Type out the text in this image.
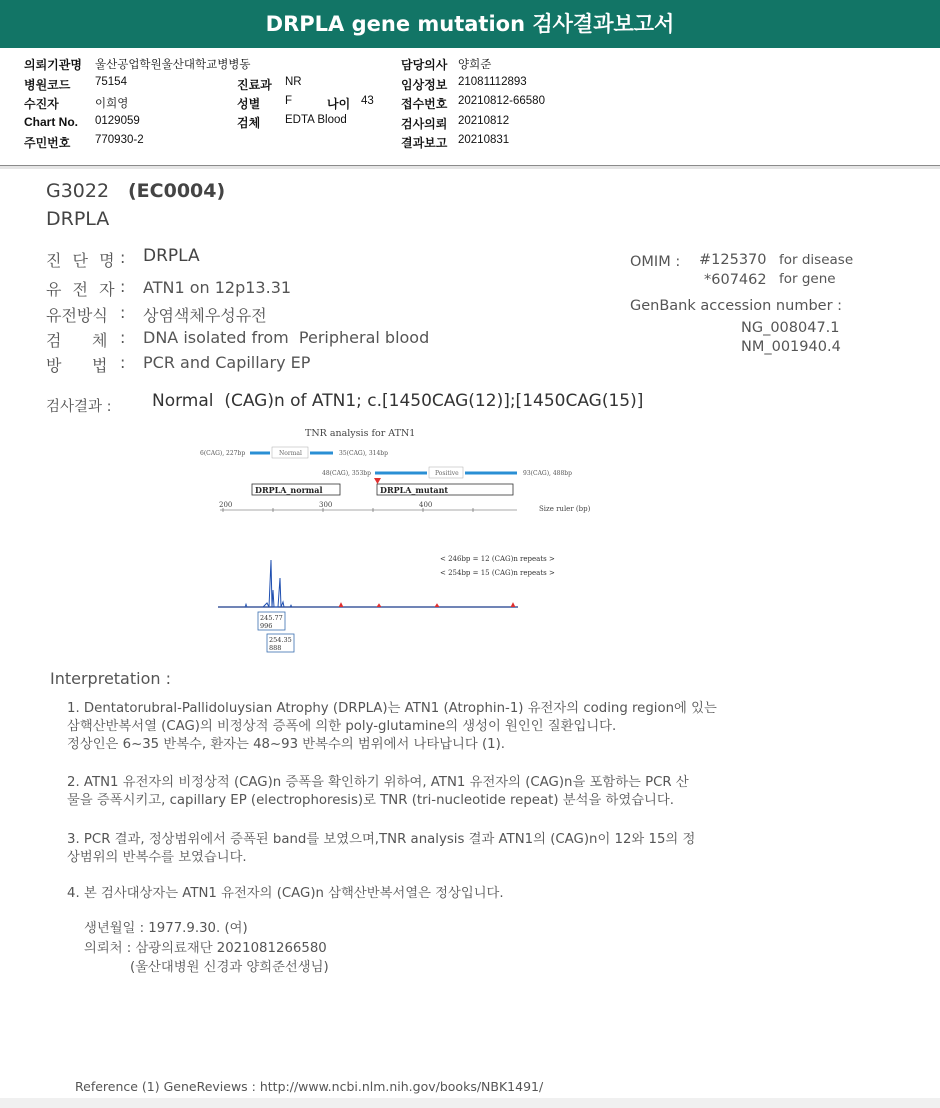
DRPLA gene mutation 검사결과보고서
의뢰기관명 울산공업학원울산대학교병병동
병원코드 75154
수진자	이희영
Chart No. 0129059
주민번호 770930-2
진료과 NR
성별 F	나이 43
검체 EDTA Blood
담당의사 양희준
임상정보 21081112893
접수번호 20210812-66580
검사의뢰 20210812
결과보고 20210831
G3022 (EC0004)
DRPLA
진 단 명 : DRPLA
유 전 자 : ATN1 on 12p13.31
유전방식 : 상염색체우성유전
검      체 : DNA isolated from  Peripheral blood
방      법 : PCR and Capillary EP
OMIM : #125370 for disease
*607462 for gene
GenBank accession number :
NG_008047.1
NM_001940.4
검사결과 : Normal  (CAG)n of ATN1; c.[1450CAG(12)];[1450CAG(15)]
TNR analysis for ATN1
6(CAG), 227bp	Normal	35(CAG), 314bp
48(CAG), 353bp	Positive	93(CAG), 488bp
DRPLA_normal	DRPLA_mutant
200	300	400	Size ruler (bp)
< 246bp = 12 (CAG)n repeats >
< 254bp = 15 (CAG)n repeats >
245.77
996
254.35
888
Interpretation :
1. Dentatorubral-Pallidoluysian Atrophy (DRPLA)는 ATN1 (Atrophin-1) 유전자의 coding region에 있는
삼핵산반복서열 (CAG)의 비정상적 증폭에 의한 poly-glutamine의 생성이 원인인 질환입니다.
정상인은 6~35 반복수, 환자는 48~93 반복수의 범위에서 나타납니다 (1).
2. ATN1 유전자의 비정상적 (CAG)n 증폭을 확인하기 위하여, ATN1 유전자의 (CAG)n을 포함하는 PCR 산
물을 증폭시키고, capillary EP (electrophoresis)로 TNR (tri-nucleotide repeat) 분석을 하였습니다.
3. PCR 결과, 정상범위에서 증폭된 band를 보였으며,TNR analysis 결과 ATN1의 (CAG)n이 12와 15의 정
상범위의 반복수를 보였습니다.
4. 본 검사대상자는 ATN1 유전자의 (CAG)n 삼핵산반복서열은 정상입니다.
생년월일 : 1977.9.30. (여)
의뢰처 : 삼광의료재단 2021081266580
(울산대병원 신경과 양희준선생님)
Reference (1) GeneReviews : http://www.ncbi.nlm.nih.gov/books/NBK1491/
